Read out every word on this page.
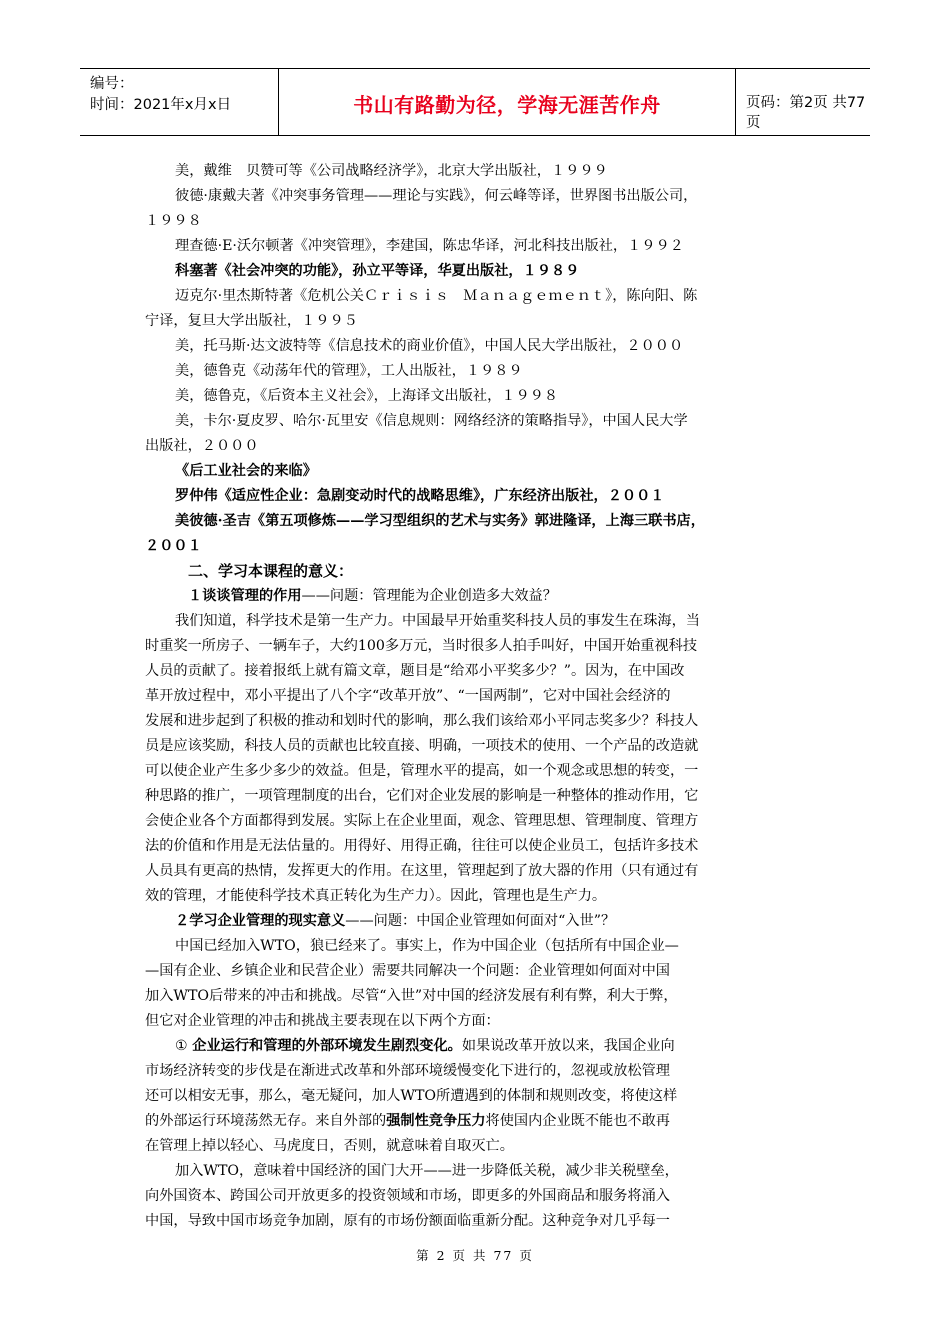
编号：
时间：2021年x月x日	书山有路勤为径，学海无涯苦作舟	页码：第2页 共77页
美，戴维　贝赞可等《公司战略经济学》，北京大学出版社，１９９９
彼德·康戴夫著《冲突事务管理——理论与实践》，何云峰等译，世界图书出版公司，
１９９８
理查德·E·沃尔顿著《冲突管理》，李建国，陈忠华译，河北科技出版社，１９９２
科塞著《社会冲突的功能》，孙立平等译，华夏出版社，１９８９
迈克尔·里杰斯特著《危机公关Ｃｒｉｓｉｓ　Ｍａｎａｇｅｍｅｎｔ》，陈向阳、陈
宁译，复旦大学出版社，１９９５
美，托马斯·达文波特等《信息技术的商业价值》，中国人民大学出版社，２０００
美，德鲁克《动荡年代的管理》，工人出版社，１９８９
美，德鲁克，《后资本主义社会》，上海译文出版社，１９９８
美，卡尔·夏皮罗、哈尔·瓦里安《信息规则：网络经济的策略指导》，中国人民大学
出版社，２０００
《后工业社会的来临》
罗仲伟《适应性企业：急剧变动时代的战略思维》，广东经济出版社，２００１
美彼德·圣吉《第五项修炼——学习型组织的艺术与实务》郭进隆译，上海三联书店，
２００１
二、学习本课程的意义：
１谈谈管理的作用——问题：管理能为企业创造多大效益？
我们知道，科学技术是第一生产力。中国最早开始重奖科技人员的事发生在珠海，当
时重奖一所房子、一辆车子，大约100多万元，当时很多人拍手叫好，中国开始重视科技
人员的贡献了。接着报纸上就有篇文章，题目是“给邓小平奖多少？”。因为，在中国改
革开放过程中，邓小平提出了八个字“改革开放”、“一国两制”，它对中国社会经济的
发展和进步起到了积极的推动和划时代的影响，那么我们该给邓小平同志奖多少？科技人
员是应该奖励，科技人员的贡献也比较直接、明确，一项技术的使用、一个产品的改造就
可以使企业产生多少多少的效益。但是，管理水平的提高，如一个观念或思想的转变，一
种思路的推广，一项管理制度的出台，它们对企业发展的影响是一种整体的推动作用，它
会使企业各个方面都得到发展。实际上在企业里面，观念、管理思想、管理制度、管理方
法的价值和作用是无法估量的。用得好、用得正确，往往可以使企业员工，包括许多技术
人员具有更高的热情，发挥更大的作用。在这里，管理起到了放大器的作用（只有通过有
效的管理，才能使科学技术真正转化为生产力）。因此，管理也是生产力。
２学习企业管理的现实意义——问题：中国企业管理如何面对“入世”？
中国已经加入WTO，狼已经来了。事实上，作为中国企业（包括所有中国企业—
—国有企业、乡镇企业和民营企业）需要共同解决一个问题：企业管理如何面对中国
加入WTO后带来的冲击和挑战。尽管“入世”对中国的经济发展有利有弊，利大于弊，
但它对企业管理的冲击和挑战主要表现在以下两个方面：
① 企业运行和管理的外部环境发生剧烈变化。如果说改革开放以来，我国企业向
市场经济转变的步伐是在渐进式改革和外部环境缓慢变化下进行的，忽视或放松管理
还可以相安无事，那么，毫无疑问，加人WTO所遭遇到的体制和规则改变，将使这样
的外部运行环境荡然无存。来自外部的强制性竞争压力将使国内企业既不能也不敢再
在管理上掉以轻心、马虎度日，否则，就意味着自取灭亡。
加入WTO，意味着中国经济的国门大开——进一步降低关税，减少非关税壁垒，
向外国资本、跨国公司开放更多的投资领域和市场，即更多的外国商品和服务将涌入
中国，导致中国市场竞争加剧，原有的市场份额面临重新分配。这种竞争对几乎每一
第 2 页 共 77 页
